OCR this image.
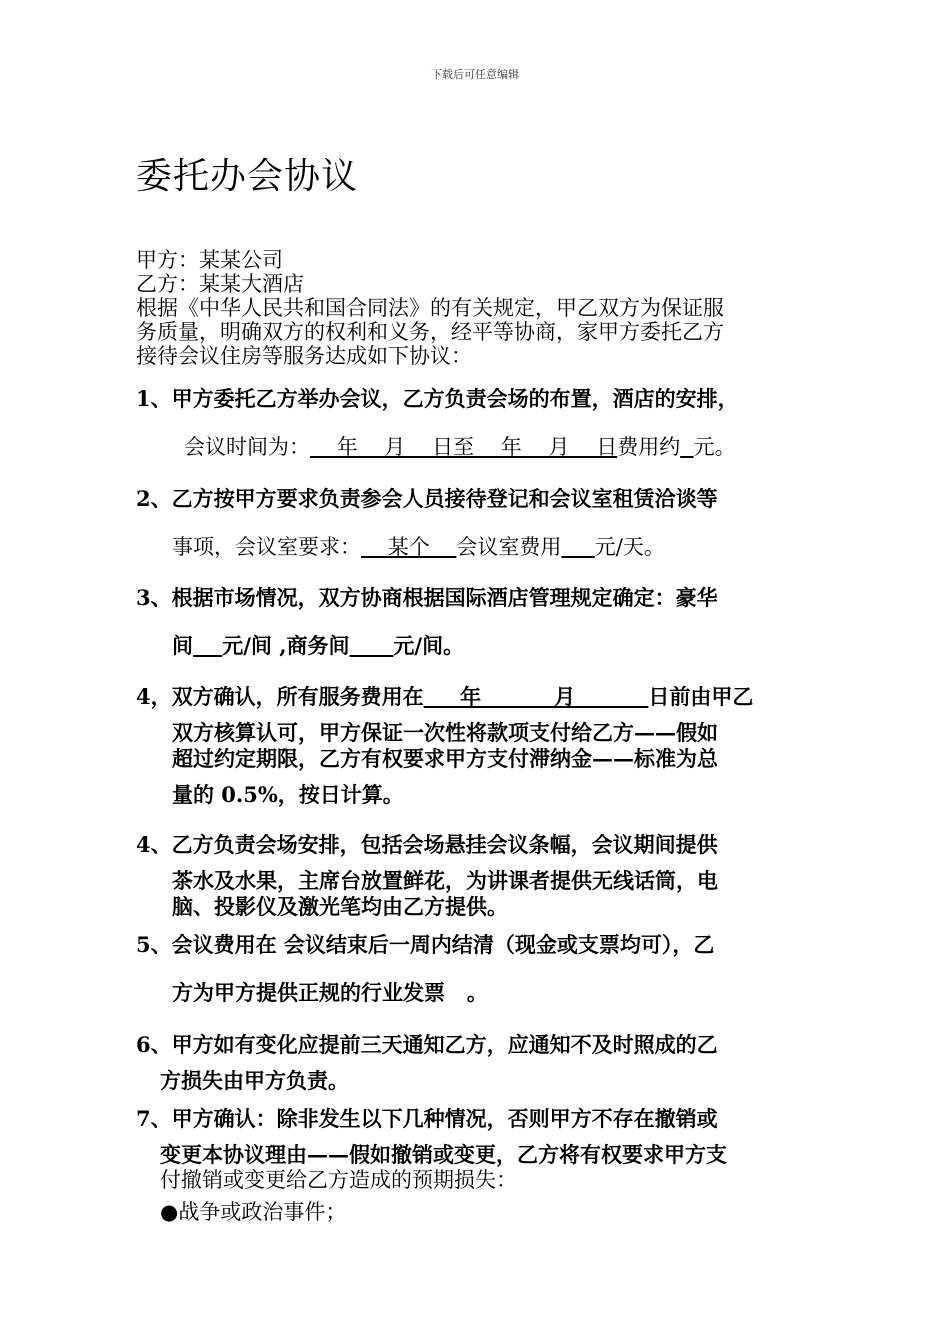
下载后可任意编辑
委托办会协议
甲方：某某公司
乙方：某某大酒店
根据《中华人民共和国合同法》的有关规定，甲乙双方为保证服
务质量，明确双方的权利和义务，经平等协商，家甲方委托乙方
接待会议住房等服务达成如下协议：
1、甲方委托乙方举办会议，乙方负责会场的布置，酒店的安排，
会议时间为：    年    月    日至    年    月    日费用约 元。
2、乙方按甲方要求负责参会人员接待登记和会议室租赁洽谈等
事项，会议室要求：    某个    会议室费用 元/天。
3、根据市场情况，双方协商根据国际酒店管理规定确定：豪华
间 元/间 ,商务间 元/间。
4，双方确认，所有服务费用在     年          月          日前由甲乙
双方核算认可，甲方保证一次性将款项支付给乙方——假如
超过约定期限，乙方有权要求甲方支付滞纳金——标准为总
量的 0.5%，按日计算。
4、乙方负责会场安排，包括会场悬挂会议条幅，会议期间提供
茶水及水果，主席台放置鲜花，为讲课者提供无线话筒，电
脑、投影仪及激光笔均由乙方提供。
5、会议费用在 会议结束后一周内结清（现金或支票均可），乙
方为甲方提供正规的行业发票   。
6、甲方如有变化应提前三天通知乙方，应通知不及时照成的乙
方损失由甲方负责。
7、甲方确认：除非发生以下几种情况，否则甲方不存在撤销或
变更本协议理由——假如撤销或变更，乙方将有权要求甲方支
付撤销或变更给乙方造成的预期损失：
●战争或政治事件；
